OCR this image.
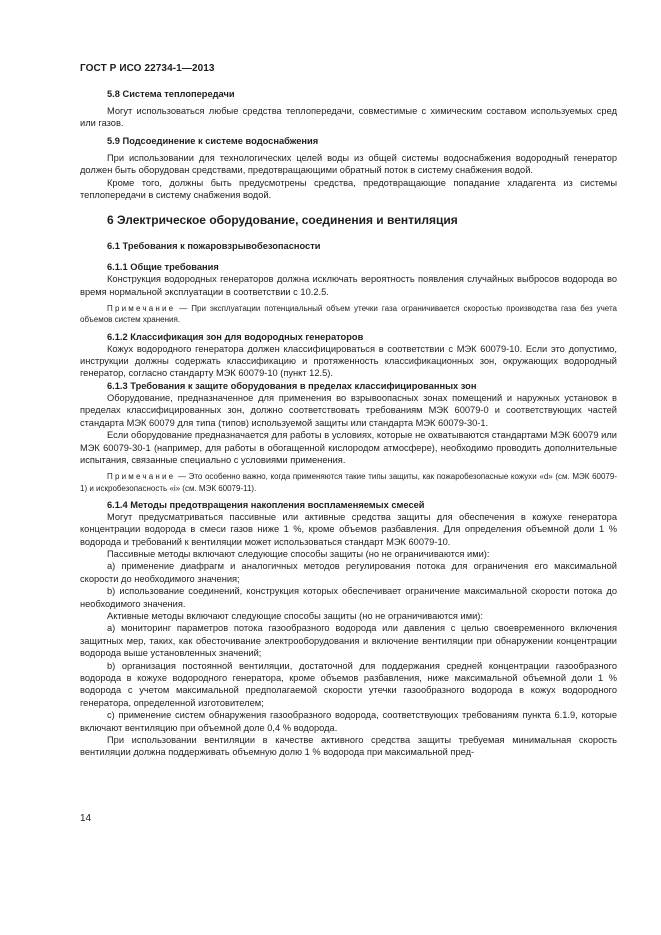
ГОСТ Р ИСО 22734-1—2013
5.8 Система теплопередачи

Могут использоваться любые средства теплопередачи, совместимые с химическим составом используемых сред или газов.

5.9 Подсоединение к системе водоснабжения

При использовании для технологических целей воды из общей системы водоснабжения водородный генератор должен быть оборудован средствами, предотвращающими обратный поток в систему снабжения водой.

Кроме того, должны быть предусмотрены средства, предотвращающие попадание хладагента из системы теплопередачи в систему снабжения водой.

6 Электрическое оборудование, соединения и вентиляция
6.1 Требования к пожаровзрывобезопасности
6.1.1 Общие требования

Конструкция водородных генераторов должна исключать вероятность появления случайных выбросов водорода во время нормальной эксплуатации в соответствии с 10.2.5.

Примечание — При эксплуатации потенциальный объем утечки газа ограничивается скоростью производства газа без учета объемов систем хранения.

6.1.2 Классификация зон для водородных генераторов

Кожух водородного генератора должен классифицироваться в соответствии с МЭК 60079-10. Если это допустимо, инструкции должны содержать классификацию и протяженность классификационных зон, окружающих водородный генератор, согласно стандарту МЭК 60079-10 (пункт 12.5).

6.1.3 Требования к защите оборудования в пределах классифицированных зон

Оборудование, предназначенное для применения во взрывоопасных зонах помещений и наружных установок в пределах классифицированных зон, должно соответствовать требованиям МЭК 60079-0 и соответствующих частей стандарта МЭК 60079 для типа (типов) используемой защиты или стандарта МЭК 60079-30-1.

Если оборудование предназначается для работы в условиях, которые не охватываются стандартами МЭК 60079 или МЭК 60079-30-1 (например, для работы в обогащенной кислородом атмосфере), необходимо проводить дополнительные испытания, связанные специально с условиями применения.

Примечание — Это особенно важно, когда применяются такие типы защиты, как пожаробезопасные кожухи «d» (см. МЭК 60079-1) и искробезопасность «i» (см. МЭК 60079-11).

6.1.4 Методы предотвращения накопления воспламеняемых смесей

Могут предусматриваться пассивные или активные средства защиты для обеспечения в кожухе генератора концентрации водорода в смеси газов ниже 1 %, кроме объемов разбавления. Для определения объемной доли 1 % водорода и требований к вентиляции может использоваться стандарт МЭК 60079-10.

Пассивные методы включают следующие способы защиты (но не ограничиваются ими):

а) применение диафрагм и аналогичных методов регулирования потока для ограничения его максимальной скорости до необходимого значения;

b) использование соединений, конструкция которых обеспечивает ограничение максимальной скорости потока до необходимого значения.

Активные методы включают следующие способы защиты (но не ограничиваются ими):

а) мониторинг параметров потока газообразного водорода или давления с целью своевременного включения защитных мер, таких, как обесточивание электрооборудования и включение вентиляции при обнаружении концентрации водорода выше установленных значений;

b) организация постоянной вентиляции, достаточной для поддержания средней концентрации газообразного водорода в кожухе водородного генератора, кроме объемов разбавления, ниже максимальной объемной доли 1 % водорода с учетом максимальной предполагаемой скорости утечки газообразного водорода в кожух водородного генератора, определенной изготовителем;

с) применение систем обнаружения газообразного водорода, соответствующих требованиям пункта 6.1.9, которые включают вентиляцию при объемной доле 0,4 % водорода.

При использовании вентиляции в качестве активного средства защиты требуемая минимальная скорость вентиляции должна поддерживать объемную долю 1 % водорода при максимальной пред-

14
